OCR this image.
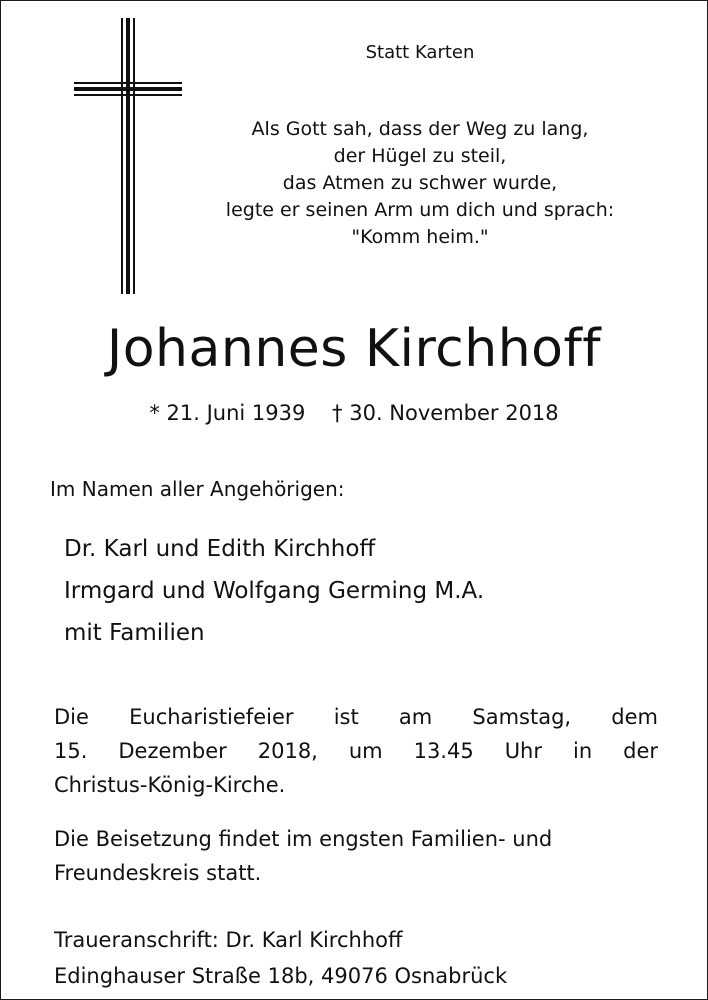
Statt Karten
Als Gott sah, dass der Weg zu lang,
der Hügel zu steil,
das Atmen zu schwer wurde,
legte er seinen Arm um dich und sprach:
"Komm heim."
Johannes Kirchhoff
* 21. Juni 1939    † 30. November 2018
Im Namen aller Angehörigen:
Dr. Karl und Edith Kirchhoff
Irmgard und Wolfgang Germing M.A.
mit Familien
Die Eucharistiefeier ist am Samstag, dem
15. Dezember 2018, um 13.45 Uhr in der
Christus-König-Kirche.
Die Beisetzung findet im engsten Familien- und
Freundeskreis statt.
Traueranschrift: Dr. Karl Kirchhoff
Edinghauser Straße 18b, 49076 Osnabrück
